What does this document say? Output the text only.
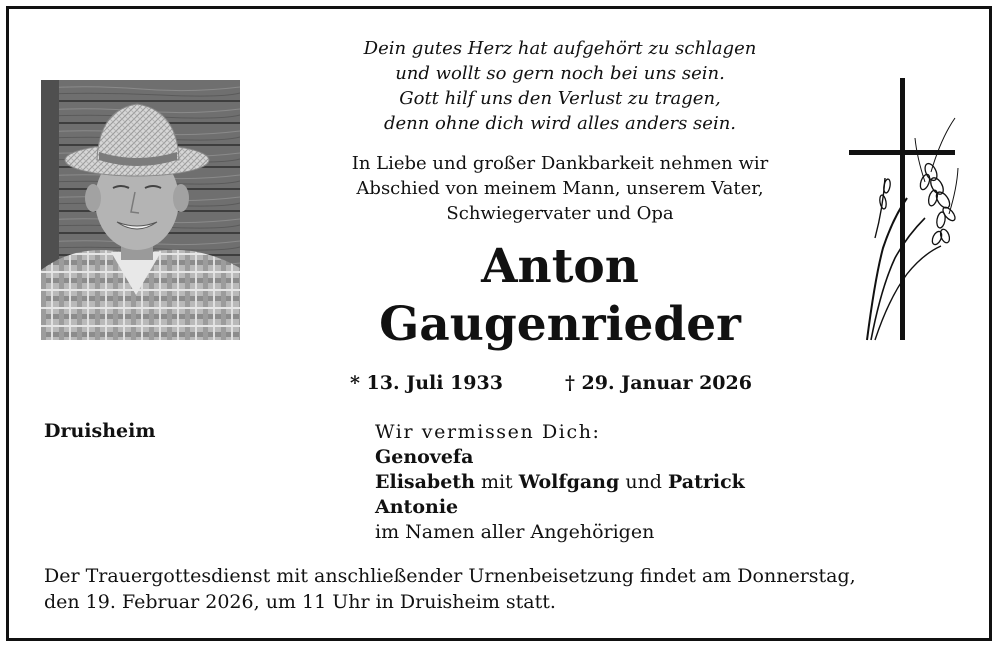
Dein gutes Herz hat aufgehört zu schlagen
und wollt so gern noch bei uns sein.
Gott hilf uns den Verlust zu tragen,
denn ohne dich wird alles anders sein.
In Liebe und großer Dankbarkeit nehmen wir
Abschied von meinem Mann, unserem Vater,
Schwiegervater und Opa
Anton
Gaugenrieder
* 13. Juli 1933	† 29. Januar 2026
Druisheim	Wir vermissen Dich:
Genovefa
Elisabeth mit Wolfgang und Patrick
Antonie
im Namen aller Angehörigen
Der Trauergottesdienst mit anschließender Urnenbeisetzung findet am Donnerstag,
den 19. Februar 2026, um 11 Uhr in Druisheim statt.
